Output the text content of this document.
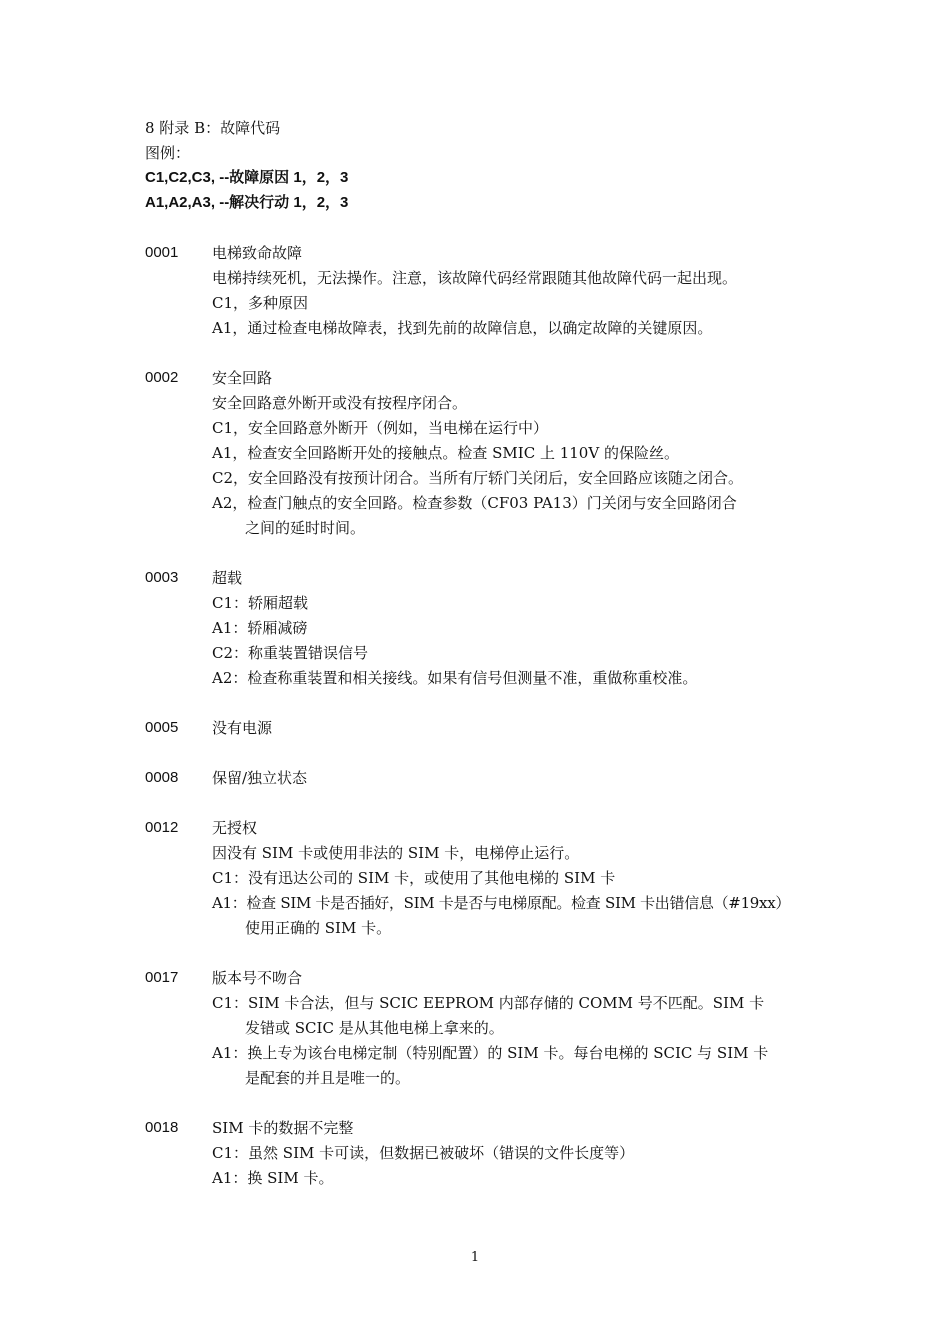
8 附录 B：故障代码
图例：
C1,C2,C3, --故障原因 1，2，3
A1,A2,A3, --解决行动 1，2，3
0001 电梯致命故障
电梯持续死机，无法操作。注意，该故障代码经常跟随其他故障代码一起出现。
C1，多种原因
A1，通过检查电梯故障表，找到先前的故障信息，以确定故障的关键原因。
0002 安全回路
安全回路意外断开或没有按程序闭合。
C1，安全回路意外断开（例如，当电梯在运行中）
A1，检查安全回路断开处的接触点。检查 SMIC 上 110V 的保险丝。
C2，安全回路没有按预计闭合。当所有厅轿门关闭后，安全回路应该随之闭合。
A2，检查门触点的安全回路。检查参数（CF03 PA13）门关闭与安全回路闭合
之间的延时时间。
0003 超载
C1：轿厢超载
A1：轿厢减磅
C2：称重装置错误信号
A2：检查称重装置和相关接线。如果有信号但测量不准，重做称重校准。
0005 没有电源
0008 保留/独立状态
0012 无授权
因没有 SIM 卡或使用非法的 SIM 卡，电梯停止运行。
C1：没有迅达公司的 SIM 卡，或使用了其他电梯的 SIM 卡
A1：检查 SIM 卡是否插好，SIM 卡是否与电梯原配。检查 SIM 卡出错信息（#19xx）
使用正确的 SIM 卡。
0017 版本号不吻合
C1：SIM 卡合法，但与 SCIC EEPROM 内部存储的 COMM 号不匹配。SIM 卡
发错或 SCIC 是从其他电梯上拿来的。
A1：换上专为该台电梯定制（特别配置）的 SIM 卡。每台电梯的 SCIC 与 SIM 卡
是配套的并且是唯一的。
0018 SIM 卡的数据不完整
C1：虽然 SIM 卡可读，但数据已被破坏（错误的文件长度等）
A1：换 SIM 卡。
1
